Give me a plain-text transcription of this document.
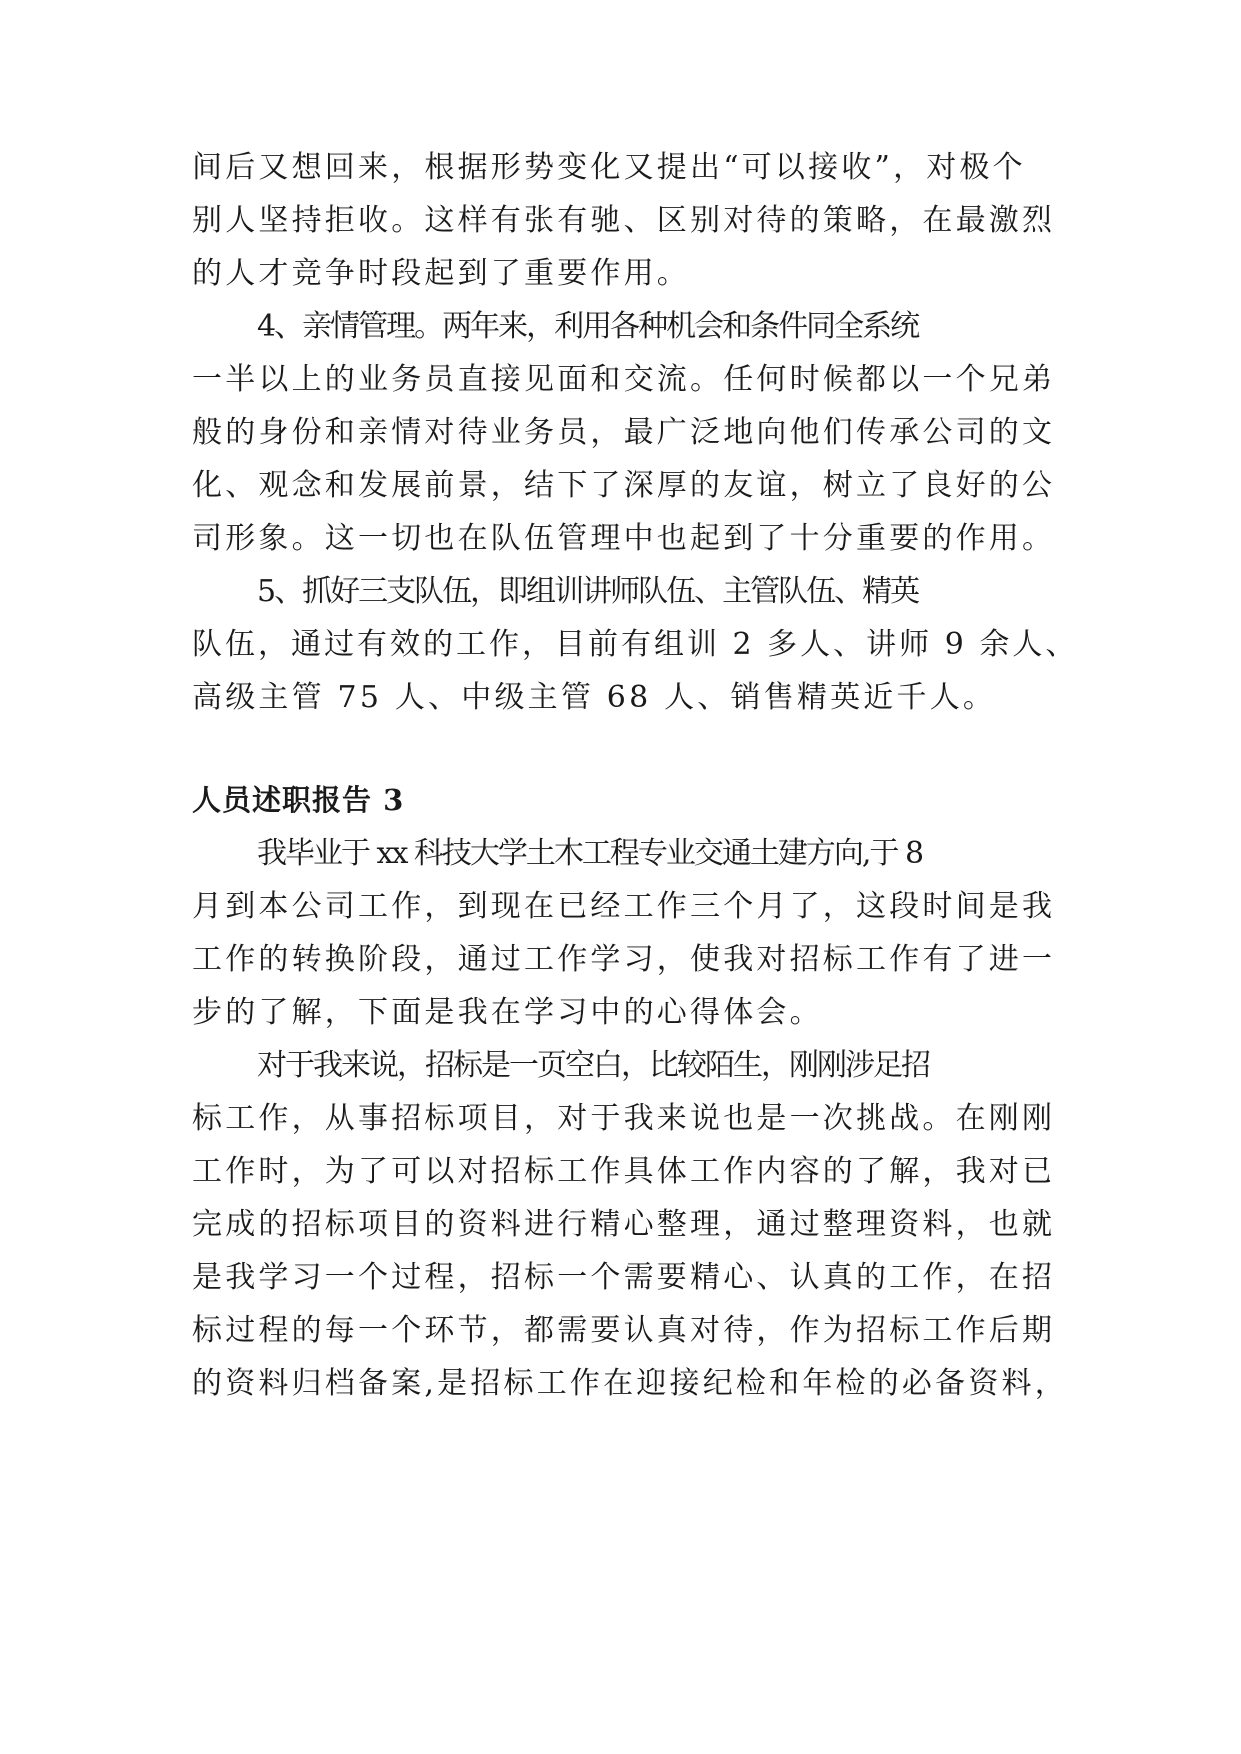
间后又想回来，根据形势变化又提出“可以接收”，对极个

别人坚持拒收。这样有张有驰、区别对待的策略，在最激烈

的人才竞争时段起到了重要作用。

4、亲情管理。两年来，利用各种机会和条件同全系统

一半以上的业务员直接见面和交流。任何时候都以一个兄弟

般的身份和亲情对待业务员，最广泛地向他们传承公司的文

化、观念和发展前景，结下了深厚的友谊，树立了良好的公

司形象。这一切也在队伍管理中也起到了十分重要的作用。

5、抓好三支队伍，即组训讲师队伍、主管队伍、精英

队伍，通过有效的工作，目前有组训 2 多人、讲师 9 余人、

高级主管 75 人、中级主管 68 人、销售精英近千人。

人员述职报告 3

我毕业于 xx 科技大学土木工程专业交通土建方向,于 8

月到本公司工作，到现在已经工作三个月了，这段时间是我

工作的转换阶段，通过工作学习，使我对招标工作有了进一

步的了解，下面是我在学习中的心得体会。

对于我来说，招标是一页空白，比较陌生，刚刚涉足招

标工作，从事招标项目，对于我来说也是一次挑战。在刚刚

工作时，为了可以对招标工作具体工作内容的了解，我对已

完成的招标项目的资料进行精心整理，通过整理资料，也就

是我学习一个过程，招标一个需要精心、认真的工作，在招

标过程的每一个环节，都需要认真对待，作为招标工作后期

的资料归档备案,是招标工作在迎接纪检和年检的必备资料，
